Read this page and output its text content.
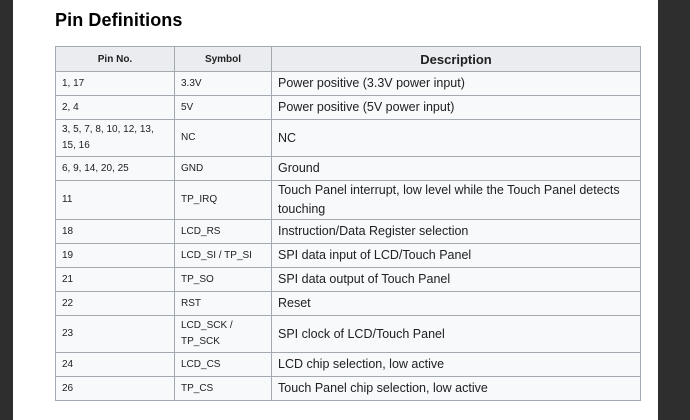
Pin Definitions
Pin No.	Symbol	Description
1, 17	3.3V	Power positive (3.3V power input)
2, 4	5V	Power positive (5V power input)
3, 5, 7, 8, 10, 12, 13, 15, 16	NC	NC
6, 9, 14, 20, 25	GND	Ground
11	TP_IRQ	Touch Panel interrupt, low level while the Touch Panel detects touching
18	LCD_RS	Instruction/Data Register selection
19	LCD_SI / TP_SI	SPI data input of LCD/Touch Panel
21	TP_SO	SPI data output of Touch Panel
22	RST	Reset
23	LCD_SCK / TP_SCK	SPI clock of LCD/Touch Panel
24	LCD_CS	LCD chip selection, low active
26	TP_CS	Touch Panel chip selection, low active
